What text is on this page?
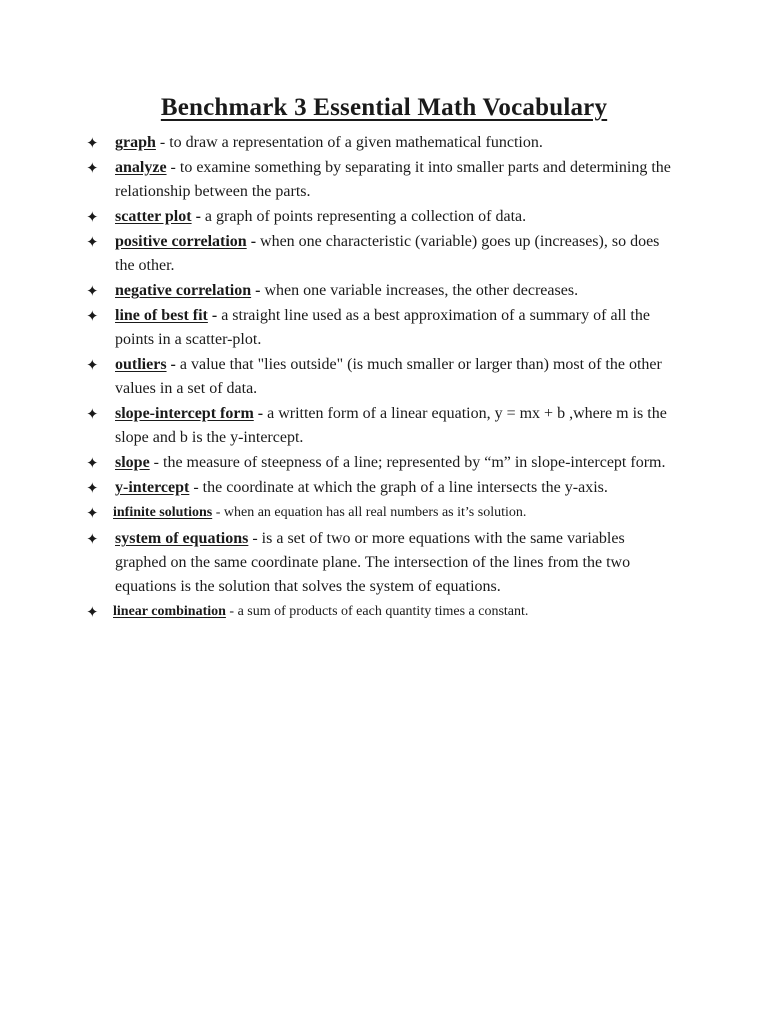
Benchmark 3 Essential Math Vocabulary
✦ graph - to draw a representation of a given mathematical function.
✦ analyze - to examine something by separating it into smaller parts and determining the relationship between the parts.
✦ scatter plot - a graph of points representing a collection of data.
✦ positive correlation - when one characteristic (variable) goes up (increases), so does the other.
✦ negative correlation - when one variable increases, the other decreases.
✦ line of best fit - a straight line used as a best approximation of a summary of all the points in a scatter-plot.
✦ outliers - a value that "lies outside" (is much smaller or larger than) most of the other values in a set of data.
✦ slope-intercept form - a written form of a linear equation, y = mx + b ,where m is the slope and b is the y-intercept.
✦ slope - the measure of steepness of a line; represented by “m” in slope-intercept form.
✦ y-intercept - the coordinate at which the graph of a line intersects the y-axis.
✦ infinite solutions - when an equation has all real numbers as it’s solution.
✦ system of equations - is a set of two or more equations with the same variables graphed on the same coordinate plane. The intersection of the lines from the two equations is the solution that solves the system of equations.
✦ linear combination - a sum of products of each quantity times a constant.
